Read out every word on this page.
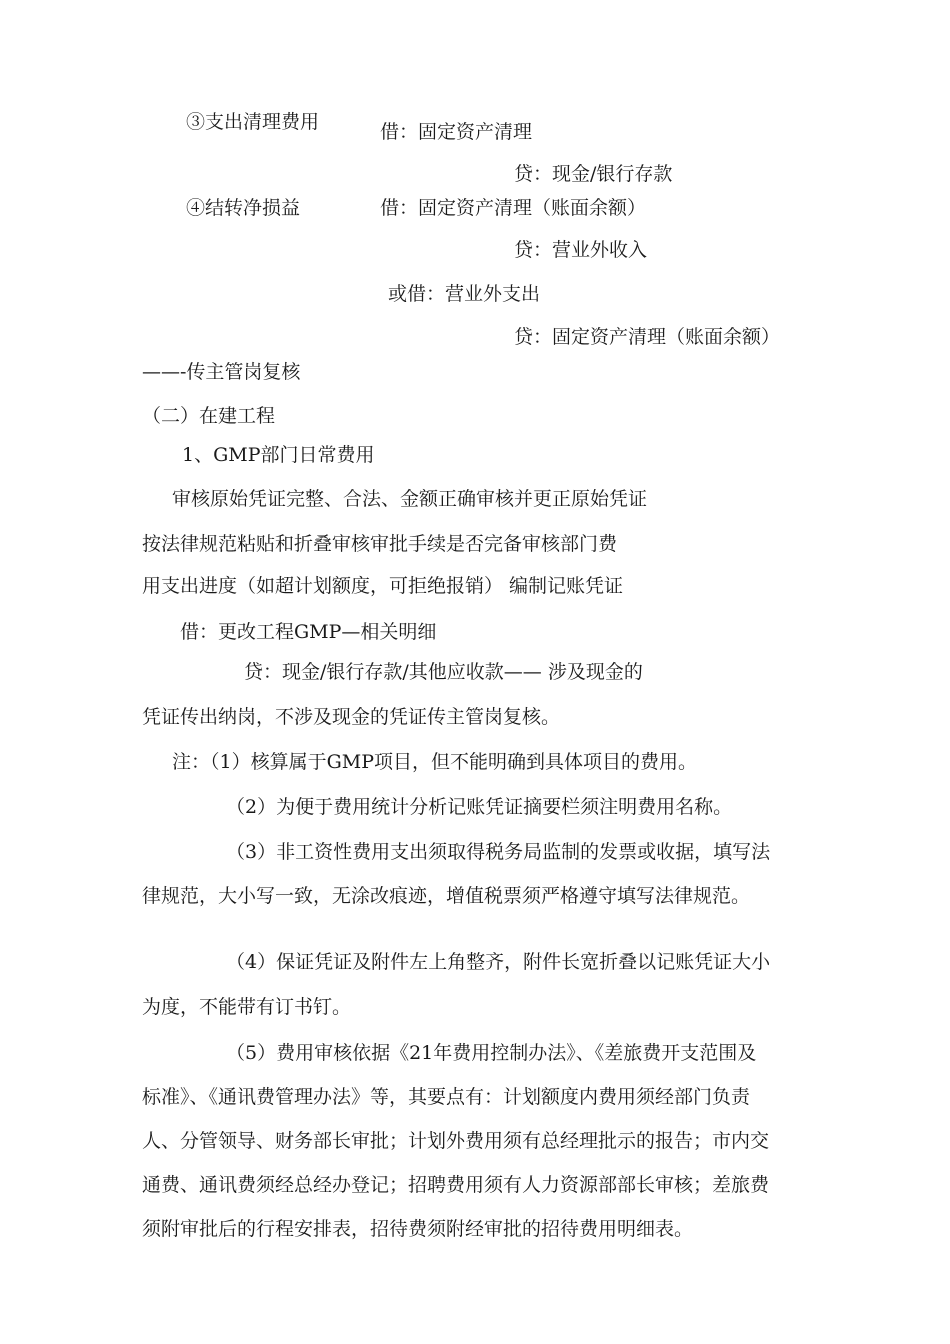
③支出清理费用	借：固定资产清理
贷：现金/银行存款
④结转净损益	借：固定资产清理（账面余额）
贷：营业外收入
或借：营业外支出
贷：固定资产清理（账面余额）
——-传主管岗复核
（二）在建工程
1、GMP部门日常费用
审核原始凭证完整、合法、金额正确审核并更正原始凭证
按法律规范粘贴和折叠审核审批手续是否完备审核部门费
用支出进度（如超计划额度，可拒绝报销） 编制记账凭证
借：更改工程GMP—相关明细
贷：现金/银行存款/其他应收款—— 涉及现金的
凭证传出纳岗，不涉及现金的凭证传主管岗复核。
注：（1）核算属于GMP项目，但不能明确到具体项目的费用。
（2）为便于费用统计分析记账凭证摘要栏须注明费用名称。
（3）非工资性费用支出须取得税务局监制的发票或收据，填写法
律规范，大小写一致，无涂改痕迹，增值税票须严格遵守填写法律规范。
（4）保证凭证及附件左上角整齐，附件长宽折叠以记账凭证大小
为度，不能带有订书钉。
（5）费用审核依据《21年费用控制办法》、《差旅费开支范围及
标准》、《通讯费管理办法》等，其要点有：计划额度内费用须经部门负责
人、分管领导、财务部长审批；计划外费用须有总经理批示的报告；市内交
通费、通讯费须经总经办登记；招聘费用须有人力资源部部长审核；差旅费
须附审批后的行程安排表，招待费须附经审批的招待费用明细表。
